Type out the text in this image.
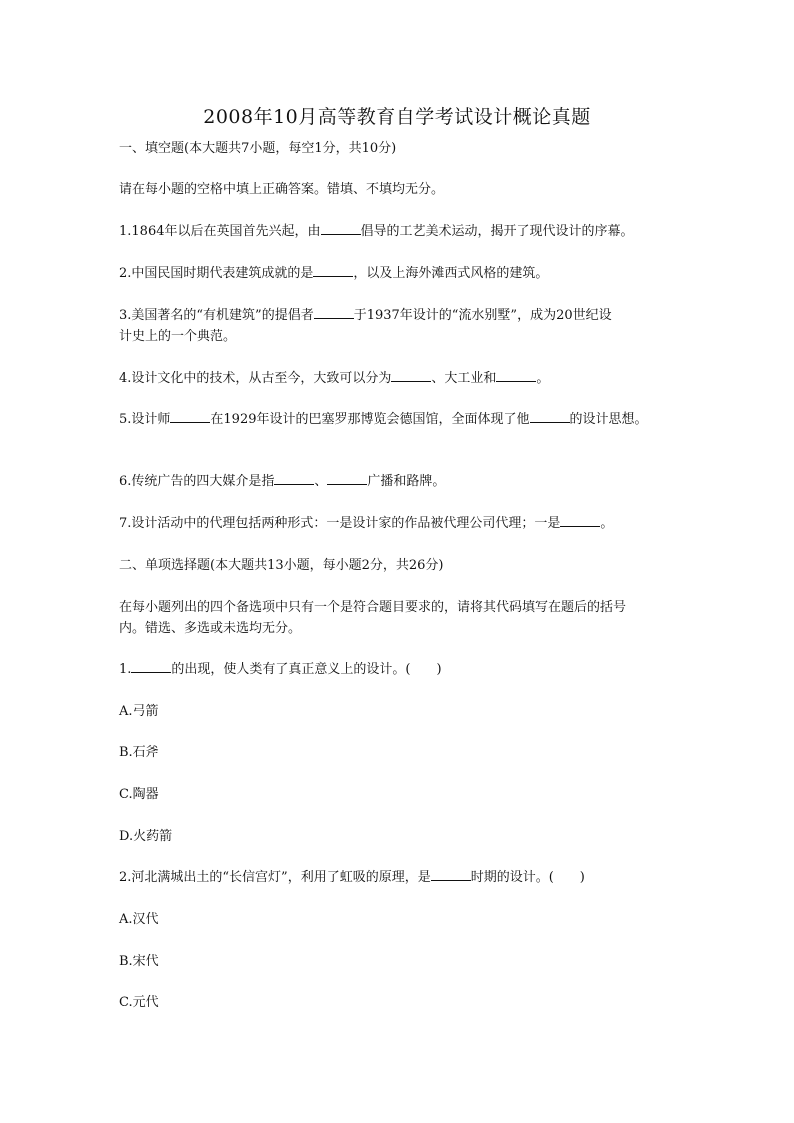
2008年10月高等教育自学考试设计概论真题
一、填空题(本大题共7小题，每空1分，共10分)
请在每小题的空格中填上正确答案。错填、不填均无分。
1.1864年以后在英国首先兴起，由	倡导的工艺美术运动，揭开了现代设计的序幕。
2.中国民国时期代表建筑成就的是	，以及上海外滩西式风格的建筑。
3.美国著名的“有机建筑”的提倡者	于1937年设计的“流水别墅”，成为20世纪设
计史上的一个典范。
4.设计文化中的技术，从古至今，大致可以分为	、大工业和	。
5.设计师	在1929年设计的巴塞罗那博览会德国馆，全面体现了他	的设计思想。
6.传统广告的四大媒介是指	、	广播和路牌。
7.设计活动中的代理包括两种形式：一是设计家的作品被代理公司代理；一是	。
二、单项选择题(本大题共13小题，每小题2分，共26分)
在每小题列出的四个备选项中只有一个是符合题目要求的，请将其代码填写在题后的括号
内。错选、多选或未选均无分。
1.	的出现，使人类有了真正意义上的设计。(　　)
A.弓箭
B.石斧
C.陶器
D.火药箭
2.河北满城出土的“长信宫灯”，利用了虹吸的原理，是	时期的设计。(　　)
A.汉代
B.宋代
C.元代
